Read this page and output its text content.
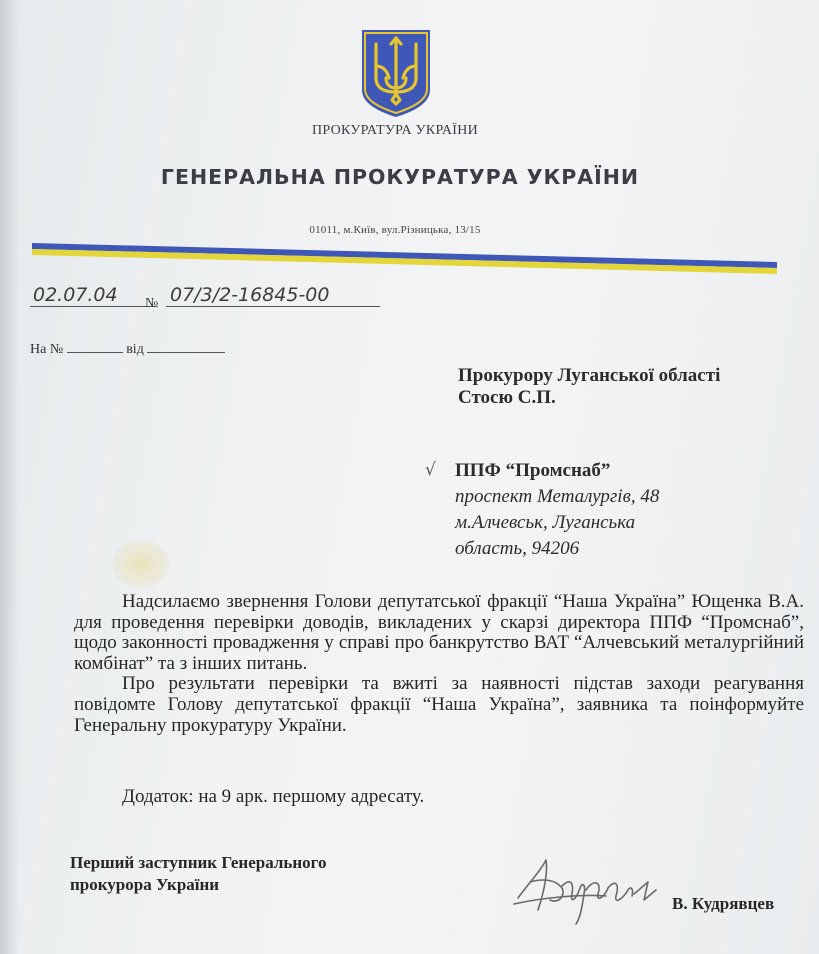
ПРОКУРАТУРА УКРАЇНИ
ГЕНЕРАЛЬНА ПРОКУРАТУРА УКРАЇНИ
01011, м.Київ, вул.Різницька, 13/15
02.07.04	№ 07/3/2-16845-00
На №	від
Прокурору Луганської області
Стосю С.П.
√ ППФ “Промснаб”
проспект Металургів, 48
м.Алчевськ, Луганська
область, 94206

Надсилаємо звернення Голови депутатської фракції “Наша Україна” Ющенка В.А. для проведення перевірки доводів, викладених у скарзі директора ППФ “Промснаб”, щодо законності провадження у справі про банкрутство ВАТ “Алчевський металургійний комбінат” та з інших питань.

Про результати перевірки та вжиті за наявності підстав заходи реагування повідомте Голову депутатської фракції “Наша Україна”, заявника та поінформуйте Генеральну прокуратуру України.

Додаток: на 9 арк. першому адресату.
Перший заступник Генерального
прокурора України
В. Кудрявцев
